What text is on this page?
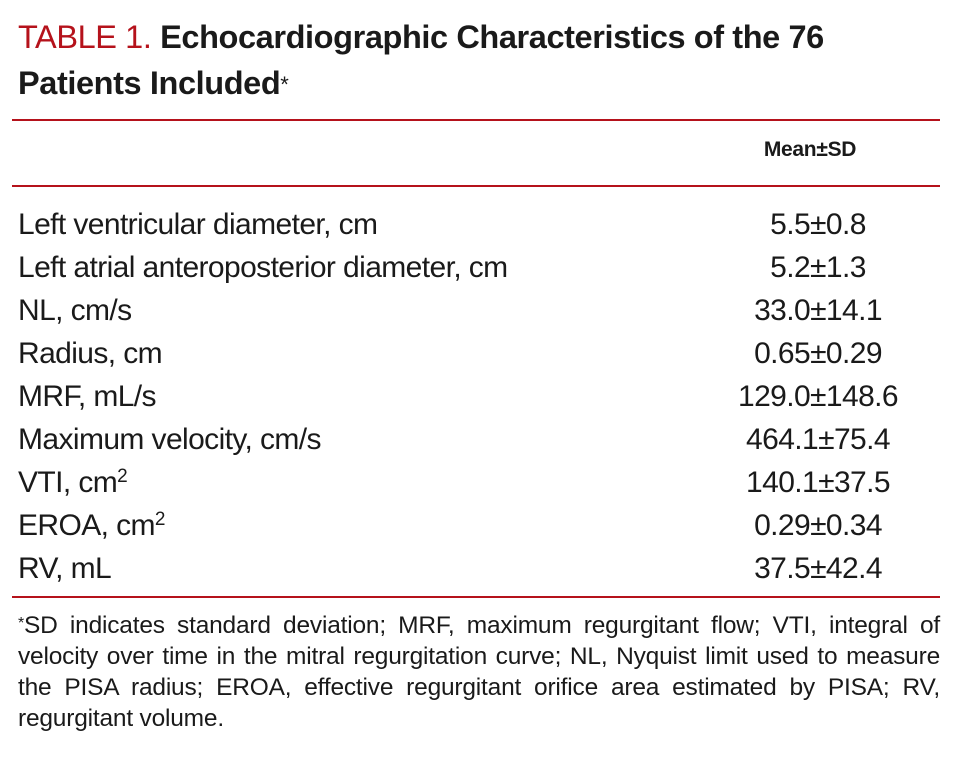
TABLE 1. Echocardiographic Characteristics of the 76 Patients Included*
Mean±SD
Left ventricular diameter, cm	5.5±0.8
Left atrial anteroposterior diameter, cm	5.2±1.3
NL, cm/s	33.0±14.1
Radius, cm	0.65±0.29
MRF, mL/s	129.0±148.6
Maximum velocity, cm/s	464.1±75.4
VTI, $cm^2$	140.1±37.5
EROA, $cm^2$	0.29±0.34
RV, mL	37.5±42.4
*SD indicates standard deviation; MRF, maximum regurgitant flow; VTI, integral of velocity over time in the mitral regurgitation curve; NL, Nyquist limit used to measure the PISA radius; EROA, effective regurgitant orifice area estimated by PISA; RV, regurgitant volume.
